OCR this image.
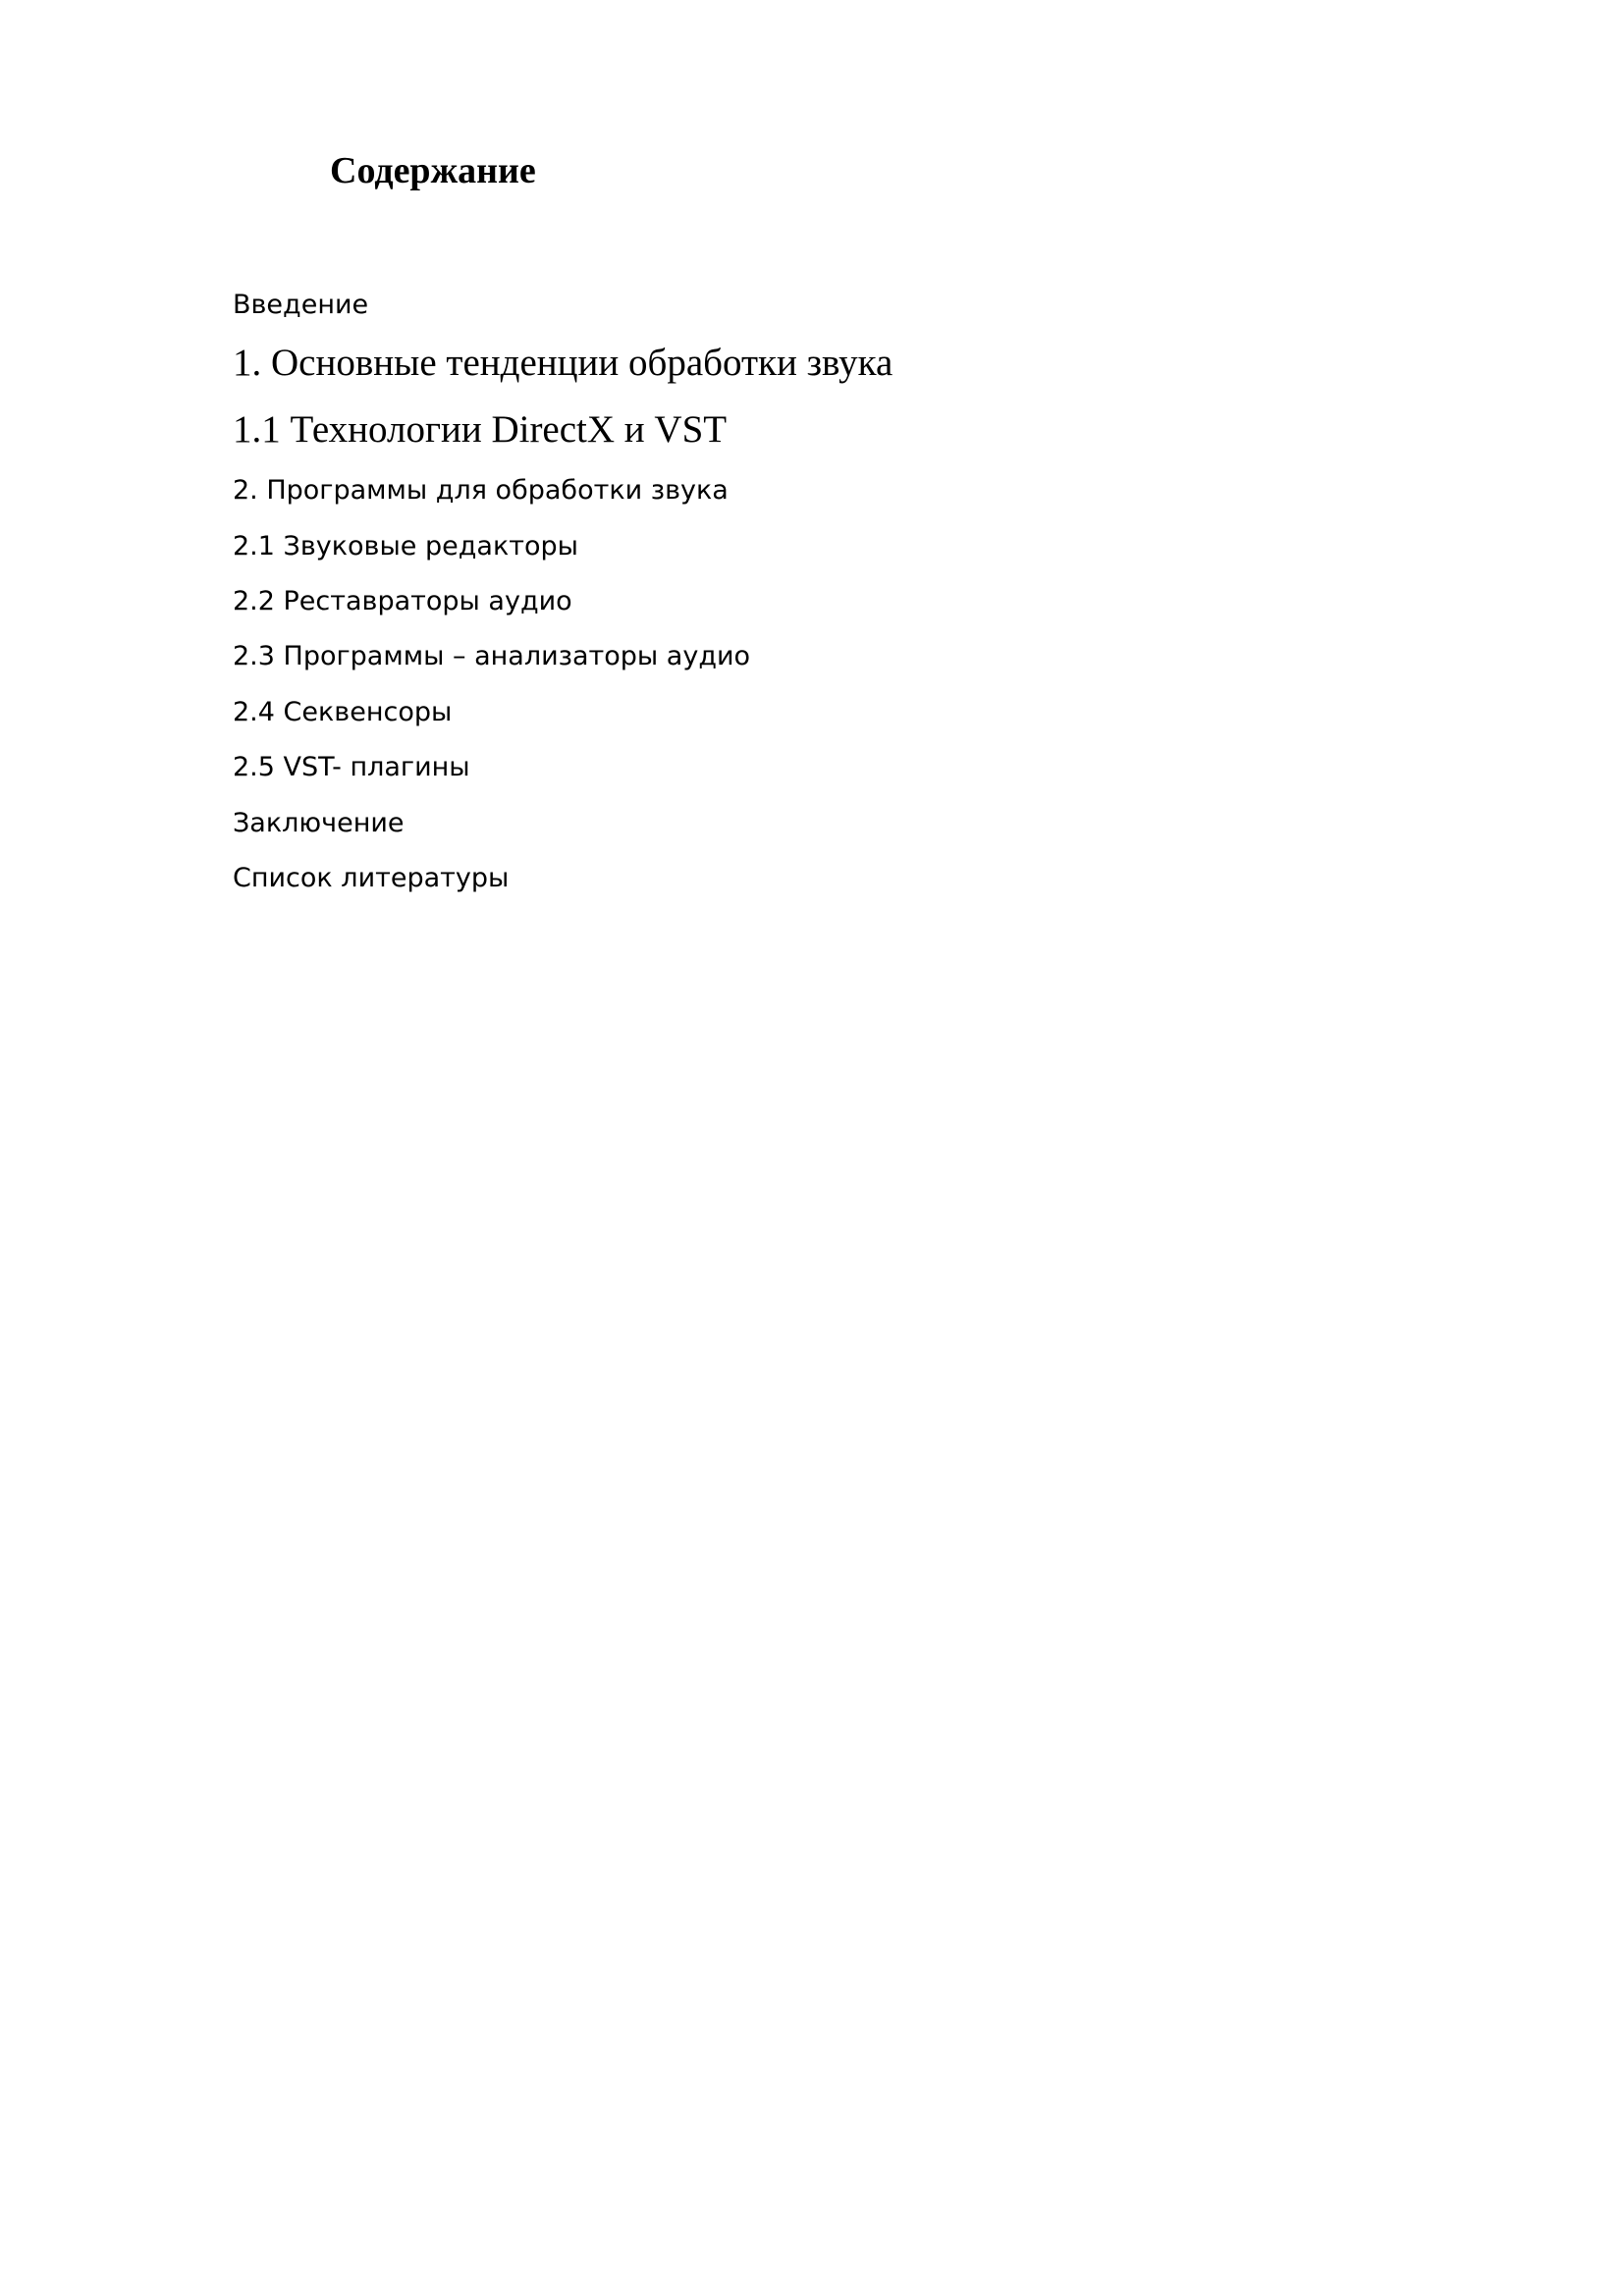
Содержание
Введение
1. Основные тенденции обработки звука
1.1 Технологии DirectX и VST
2. Программы для обработки звука
2.1 Звуковые редакторы
2.2 Реставраторы аудио
2.3 Программы – анализаторы аудио
2.4 Секвенсоры
2.5 VST- плагины
Заключение
Список литературы
